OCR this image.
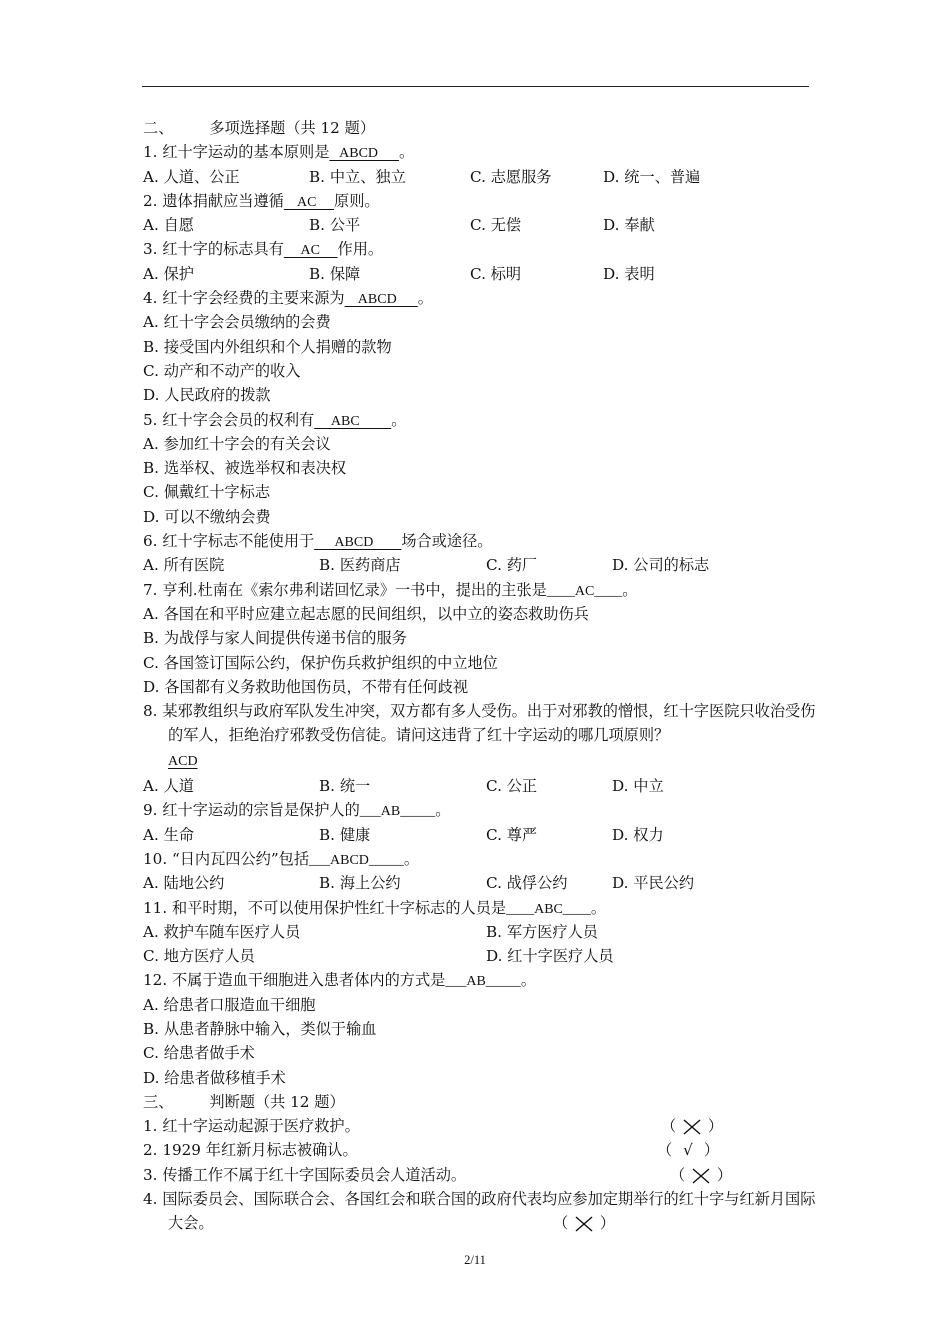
二、 多项选择题（共 12 题）
1. 红十字运动的基本原则是   ABCD      。
A. 人道、公正	B. 中立、独立	C. 志愿服务	D. 统一、普遍
2. 遗体捐献应当遵循    AC     原则。
A. 自愿	B. 公平	C. 无偿	D. 奉献
3. 红十字的标志具有     AC     作用。
A. 保护	B. 保障	C. 标明	D. 表明
4. 红十字会经费的主要来源为    ABCD      。
A. 红十字会会员缴纳的会费
B. 接受国内外组织和个人捐赠的款物
C. 动产和不动产的收入
D. 人民政府的拨款
5. 红十字会会员的权利有     ABC         。
A. 参加红十字会的有关会议
B. 选举权、被选举权和表决权
C. 佩戴红十字标志
D. 可以不缴纳会费
6. 红十字标志不能使用于      ABCD        场合或途径。
A. 所有医院	B. 医药商店	C. 药厂	D. 公司的标志
7. 亨利.杜南在《索尔弗利诺回忆录》一书中，提出的主张是____AC____。
A. 各国在和平时应建立起志愿的民间组织，以中立的姿态救助伤兵
B. 为战俘与家人间提供传递书信的服务
C. 各国签订国际公约，保护伤兵救护组织的中立地位
D. 各国都有义务救助他国伤员，不带有任何歧视
8. 某邪教组织与政府军队发生冲突，双方都有多人受伤。出于对邪教的憎恨，红十字医院只收治受伤的军人，拒绝治疗邪教受伤信徒。请问这违背了红十字运动的哪几项原则？
ACD
A. 人道	B. 统一	C. 公正	D. 中立
9. 红十字运动的宗旨是保护人的___AB_____。
A. 生命	B. 健康	C. 尊严	D. 权力
10. “日内瓦四公约”包括___ABCD_____。
A. 陆地公约	B. 海上公约	C. 战俘公约	D. 平民公约
11. 和平时期，不可以使用保护性红十字标志的人员是____ABC____。
A. 救护车随车医疗人员	B. 军方医疗人员
C. 地方医疗人员	D. 红十字医疗人员
12. 不属于造血干细胞进入患者体内的方式是___AB_____。
A. 给患者口服造血干细胞
B. 从患者静脉中输入，类似于输血
C. 给患者做手术
D. 给患者做移植手术
三、 判断题（共 12 题）
1. 红十字运动起源于医疗救护。	（ ）
2. 1929 年红新月标志被确认。	（ √ ）
3. 传播工作不属于红十字国际委员会人道活动。	（ ）
4. 国际委员会、国际联合会、各国红会和联合国的政府代表均应参加定期举行的红十字与红新月国际大会。	（ ）
2/11
